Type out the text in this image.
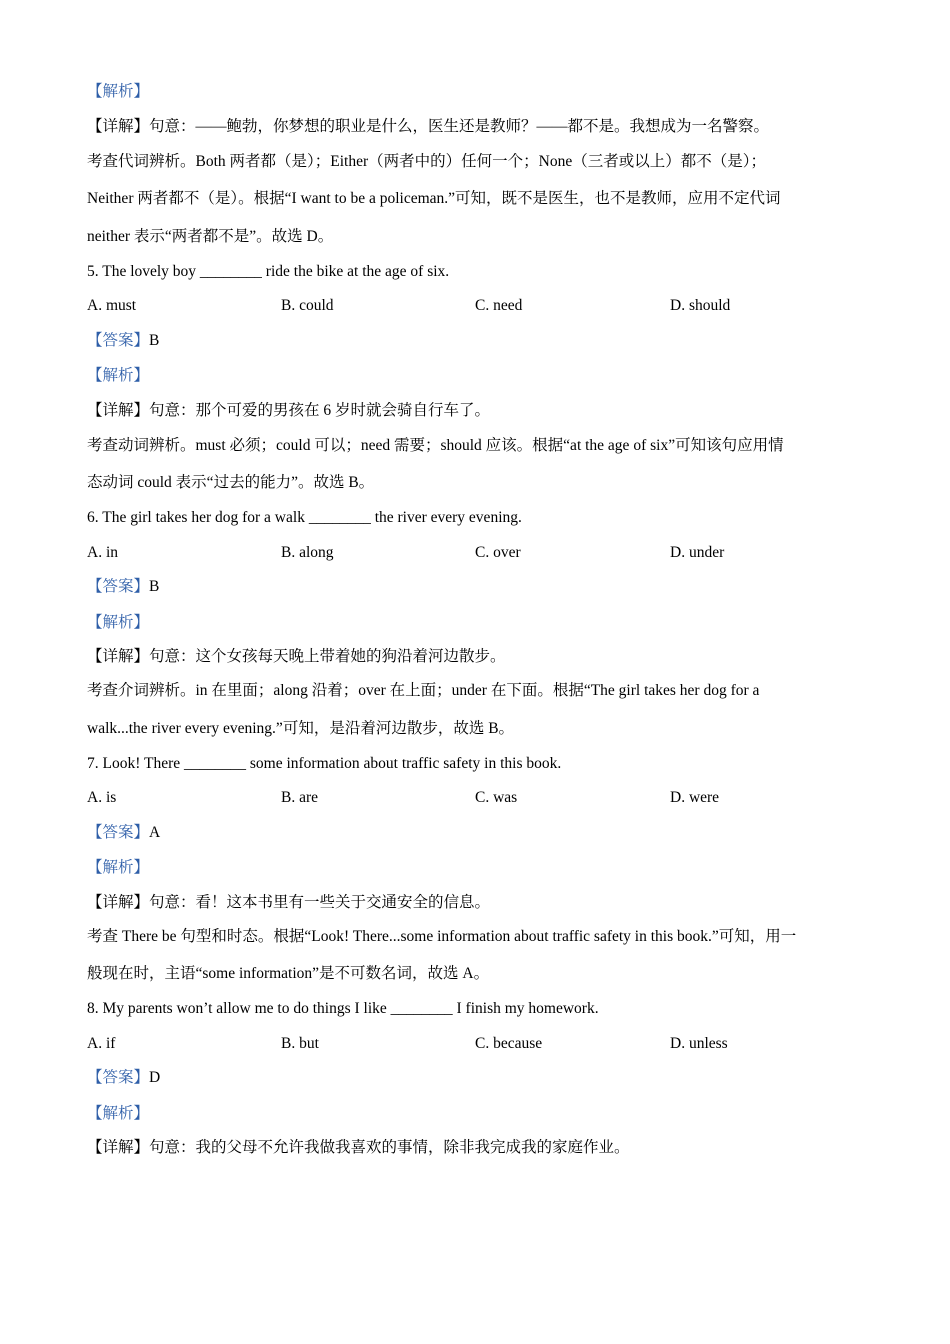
【解析】
【详解】句意：——鲍勃，你梦想的职业是什么，医生还是教师？——都不是。我想成为一名警察。
考查代词辨析。Both 两者都（是）；Either（两者中的）任何一个；None（三者或以上）都不（是）；
Neither 两者都不（是）。根据“I want to be a policeman.”可知，既不是医生，也不是教师，应用不定代词
neither 表示“两者都不是”。故选 D。
5. The lovely boy ________ ride the bike at the age of six.
A. must	B. could	C. need	D. should
【答案】B
【解析】
【详解】句意：那个可爱的男孩在 6 岁时就会骑自行车了。
考查动词辨析。must 必须；could 可以；need 需要；should 应该。根据“at the age of six”可知该句应用情
态动词 could 表示“过去的能力”。故选 B。
6. The girl takes her dog for a walk ________ the river every evening.
A. in	B. along	C. over	D. under
【答案】B
【解析】
【详解】句意：这个女孩每天晚上带着她的狗沿着河边散步。
考查介词辨析。in 在里面；along 沿着；over 在上面；under 在下面。根据“The girl takes her dog for a
walk...the river every evening.”可知，是沿着河边散步，故选 B。
7. Look! There ________ some information about traffic safety in this book.
A. is	B. are	C. was	D. were
【答案】A
【解析】
【详解】句意：看！这本书里有一些关于交通安全的信息。
考查 There be 句型和时态。根据“Look! There...some information about traffic safety in this book.”可知，用一
般现在时，主语“some information”是不可数名词，故选 A。
8. My parents won’t allow me to do things I like ________ I finish my homework.
A. if	B. but	C. because	D. unless
【答案】D
【解析】
【详解】句意：我的父母不允许我做我喜欢的事情，除非我完成我的家庭作业。
